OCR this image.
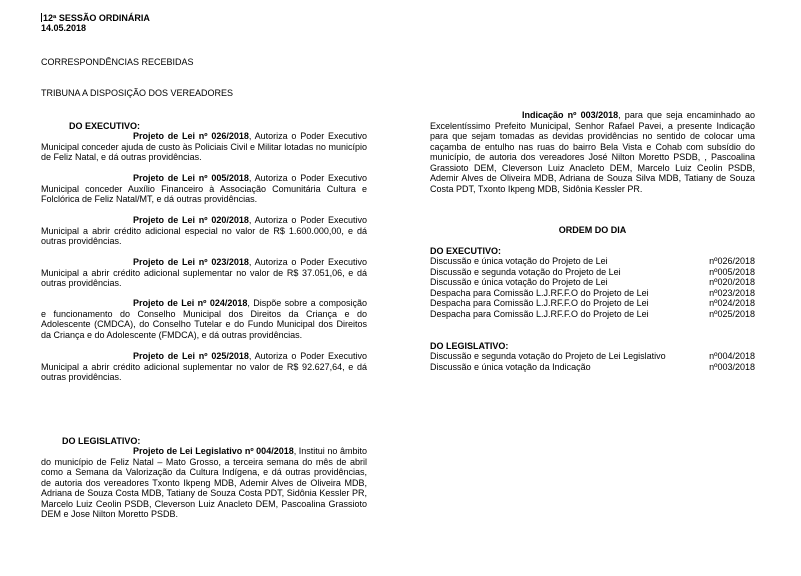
12ª SESSÃO ORDINÁRIA
14.05.2018
CORRESPONDÊNCIAS RECEBIDAS
TRIBUNA A DISPOSIÇÃO DOS VEREADORES
DO EXECUTIVO:
Projeto de Lei nº 026/2018, Autoriza o Poder Executivo Municipal conceder ajuda de custo às Policiais Civil e Militar lotadas no município de Feliz Natal, e dá outras providências.
Projeto de Lei nº 005/2018, Autoriza o Poder Executivo Municipal conceder Auxílio Financeiro à Associação Comunitária Cultura e Folclórica de Feliz Natal/MT, e dá outras providências.
Projeto de Lei nº 020/2018, Autoriza o Poder Executivo Municipal a abrir crédito adicional especial no valor de R$ 1.600.000,00, e dá outras providências.
Projeto de Lei nº 023/2018, Autoriza o Poder Executivo Municipal a abrir crédito adicional suplementar no valor de R$ 37.051,06, e dá outras providências.
Projeto de Lei nº 024/2018, Dispõe sobre a composição e funcionamento do Conselho Municipal dos Direitos da Criança e do Adolescente (CMDCA), do Conselho Tutelar e do Fundo Municipal dos Direitos da Criança e do Adolescente (FMDCA), e dá outras providências.
Projeto de Lei nº 025/2018, Autoriza o Poder Executivo Municipal a abrir crédito adicional suplementar no valor de R$ 92.627,64, e dá outras providências.
DO LEGISLATIVO:
Projeto de Lei Legislativo nº 004/2018, Institui no âmbito do município de Feliz Natal – Mato Grosso, a terceira semana do mês de abril como a Semana da Valorização da Cultura Indígena, e dá outras providências, de autoria dos vereadores Txonto Ikpeng MDB, Ademir Alves de Oliveira MDB, Adriana de Souza Costa MDB, Tatiany de Souza Costa PDT, Sidônia Kessler PR, Marcelo Luiz Ceolin PSDB, Cleverson Luiz Anacleto DEM, Pascoalina Grassioto DEM e Jose Nilton Moretto PSDB.
Indicação nº 003/2018, para que seja encaminhado ao Excelentíssimo Prefeito Municipal, Senhor Rafael Pavei, a presente Indicação para que sejam tomadas as devidas providências no sentido de colocar uma caçamba de entulho nas ruas do bairro Bela Vista e Cohab com subsídio do município, de autoria dos vereadores José Nilton Moretto PSDB, , Pascoalina Grassioto DEM, Cleverson Luiz Anacleto DEM, Marcelo Luiz Ceolin PSDB, Ademir Alves de Oliveira MDB, Adriana de Souza Silva MDB, Tatiany de Souza Costa PDT, Txonto Ikpeng MDB, Sidônia Kessler PR.
ORDEM DO DIA
DO EXECUTIVO:
Discussão e única votação do Projeto de Lei	nº026/2018
Discussão e segunda votação do Projeto de Lei	nº005/2018
Discussão e única votação do Projeto de Lei	nº020/2018
Despacha para Comissão L.J.RF.F.O do Projeto de Lei	nº023/2018
Despacha para Comissão L.J.RF.F.O do Projeto de Lei	nº024/2018
Despacha para Comissão L.J.RF.F.O do Projeto de Lei	nº025/2018
DO LEGISLATIVO:
Discussão e segunda votação do Projeto de Lei Legislativo	nº004/2018
Discussão e única votação da Indicação	nº003/2018
